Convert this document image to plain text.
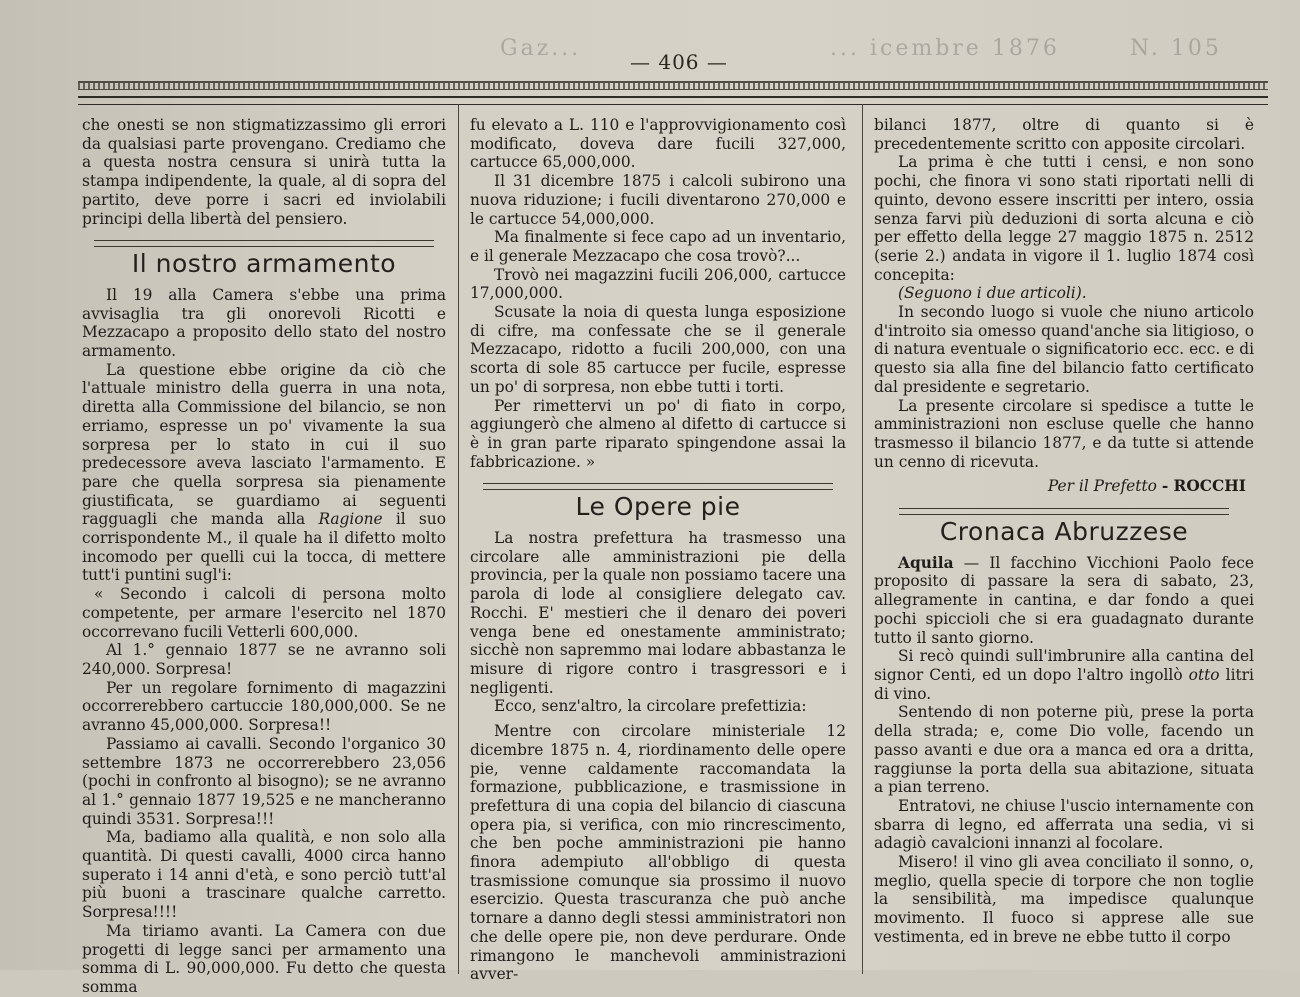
Gaz...	... icembre 1876	N. 105
— 406 —

che onesti se non stigmatizzassimo gli errori da qualsiasi parte provengano. Crediamo che a questa nostra censura si unirà tutta la stampa indipendente, la quale, al di sopra del partito, deve porre i sacri ed inviolabili principi della libertà del pensiero.

Il nostro armamento

Il 19 alla Camera s'ebbe una prima avvisaglia tra gli onorevoli Ricotti e Mezzacapo a proposito dello stato del nostro armamento.

La questione ebbe origine da ciò che l'attuale ministro della guerra in una nota, diretta alla Commissione del bilancio, se non erriamo, espresse un po' vivamente la sua sorpresa per lo stato in cui il suo predecessore aveva lasciato l'armamento. E pare che quella sorpresa sia pienamente giustificata, se guardiamo ai seguenti ragguagli che manda alla Ragione il suo corrispondente M., il quale ha il difetto molto incomodo per quelli cui la tocca, di mettere tutt'i puntini sugl'i:

« Secondo i calcoli di persona molto competente, per armare l'esercito nel 1870 occorrevano fucili Vetterli 600,000.

Al 1.° gennaio 1877 se ne avranno soli 240,000. Sorpresa!

Per un regolare fornimento di magazzini occorrerebbero cartuccie 180,000,000. Se ne avranno 45,000,000. Sorpresa!!

Passiamo ai cavalli. Secondo l'organico 30 settembre 1873 ne occorrerebbero 23,056 (pochi in confronto al bisogno); se ne avranno al 1.° gennaio 1877 19,525 e ne mancheranno quindi 3531. Sorpresa!!!

Ma, badiamo alla qualità, e non solo alla quantità. Di questi cavalli, 4000 circa hanno superato i 14 anni d'età, e sono perciò tutt'al più buoni a trascinare qualche carretto. Sorpresa!!!!

Ma tiriamo avanti. La Camera con due progetti di legge sanci per armamento una somma di L. 90,000,000. Fu detto che questa somma

fu elevato a L. 110 e l'approvvigionamento così modificato, doveva dare fucili 327,000, cartucce 65,000,000.

Il 31 dicembre 1875 i calcoli subirono una nuova riduzione; i fucili diventarono 270,000 e le cartucce 54,000,000.

Ma finalmente si fece capo ad un inventario, e il generale Mezzacapo che cosa trovò?...

Trovò nei magazzini fucili 206,000, cartucce 17,000,000.

Scusate la noia di questa lunga esposizione di cifre, ma confessate che se il generale Mezzacapo, ridotto a fucili 200,000, con una scorta di sole 85 cartucce per fucile, espresse un po' di sorpresa, non ebbe tutti i torti.

Per rimettervi un po' di fiato in corpo, aggiungerò che almeno al difetto di cartucce si è in gran parte riparato spingendone assai la fabbricazione. »

Le Opere pie

La nostra prefettura ha trasmesso una circolare alle amministrazioni pie della provincia, per la quale non possiamo tacere una parola di lode al consigliere delegato cav. Rocchi. E' mestieri che il denaro dei poveri venga bene ed onestamente amministrato; sicchè non sapremmo mai lodare abbastanza le misure di rigore contro i trasgressori e i negligenti.

Ecco, senz'altro, la circolare prefettizia:

Mentre con circolare ministeriale 12 dicembre 1875 n. 4, riordinamento delle opere pie, venne caldamente raccomandata la formazione, pubblicazione, e trasmissione in prefettura di una copia del bilancio di ciascuna opera pia, si verifica, con mio rincrescimento, che ben poche amministrazioni pie hanno finora adempiuto all'obbligo di questa trasmissione comunque sia prossimo il nuovo esercizio. Questa trascuranza che può anche tornare a danno degli stessi amministratori non che delle opere pie, non deve perdurare. Onde rimangono le manchevoli amministrazioni avver-

bilanci 1877, oltre di quanto si è precedentemente scritto con apposite circolari.

La prima è che tutti i censi, e non sono pochi, che finora vi sono stati riportati nelli di quinto, devono essere inscritti per intero, ossia senza farvi più deduzioni di sorta alcuna e ciò per effetto della legge 27 maggio 1875 n. 2512 (serie 2.) andata in vigore il 1. luglio 1874 così concepita:

(Seguono i due articoli).

In secondo luogo si vuole che niuno articolo d'introito sia omesso quand'anche sia litigioso, o di natura eventuale o significatorio ecc. ecc. e di questo sia alla fine del bilancio fatto certificato dal presidente e segretario.

La presente circolare si spedisce a tutte le amministrazioni non escluse quelle che hanno trasmesso il bilancio 1877, e da tutte si attende un cenno di ricevuta.

Per il Prefetto - ROCCHI

Cronaca Abruzzese

Aquila — Il facchino Vicchioni Paolo fece proposito di passare la sera di sabato, 23, allegramente in cantina, e dar fondo a quei pochi spiccioli che si era guadagnato durante tutto il santo giorno.

Si recò quindi sull'imbrunire alla cantina del signor Centi, ed un dopo l'altro ingollò otto litri di vino.

Sentendo di non poterne più, prese la porta della strada; e, come Dio volle, facendo un passo avanti e due ora a manca ed ora a dritta, raggiunse la porta della sua abitazione, situata a pian terreno.

Entratovi, ne chiuse l'uscio internamente con sbarra di legno, ed afferrata una sedia, vi si adagiò cavalcioni innanzi al focolare.

Misero! il vino gli avea conciliato il sonno, o, meglio, quella specie di torpore che non toglie la sensibilità, ma impedisce qualunque movimento. Il fuoco si apprese alle sue vestimenta, ed in breve ne ebbe tutto il corpo
